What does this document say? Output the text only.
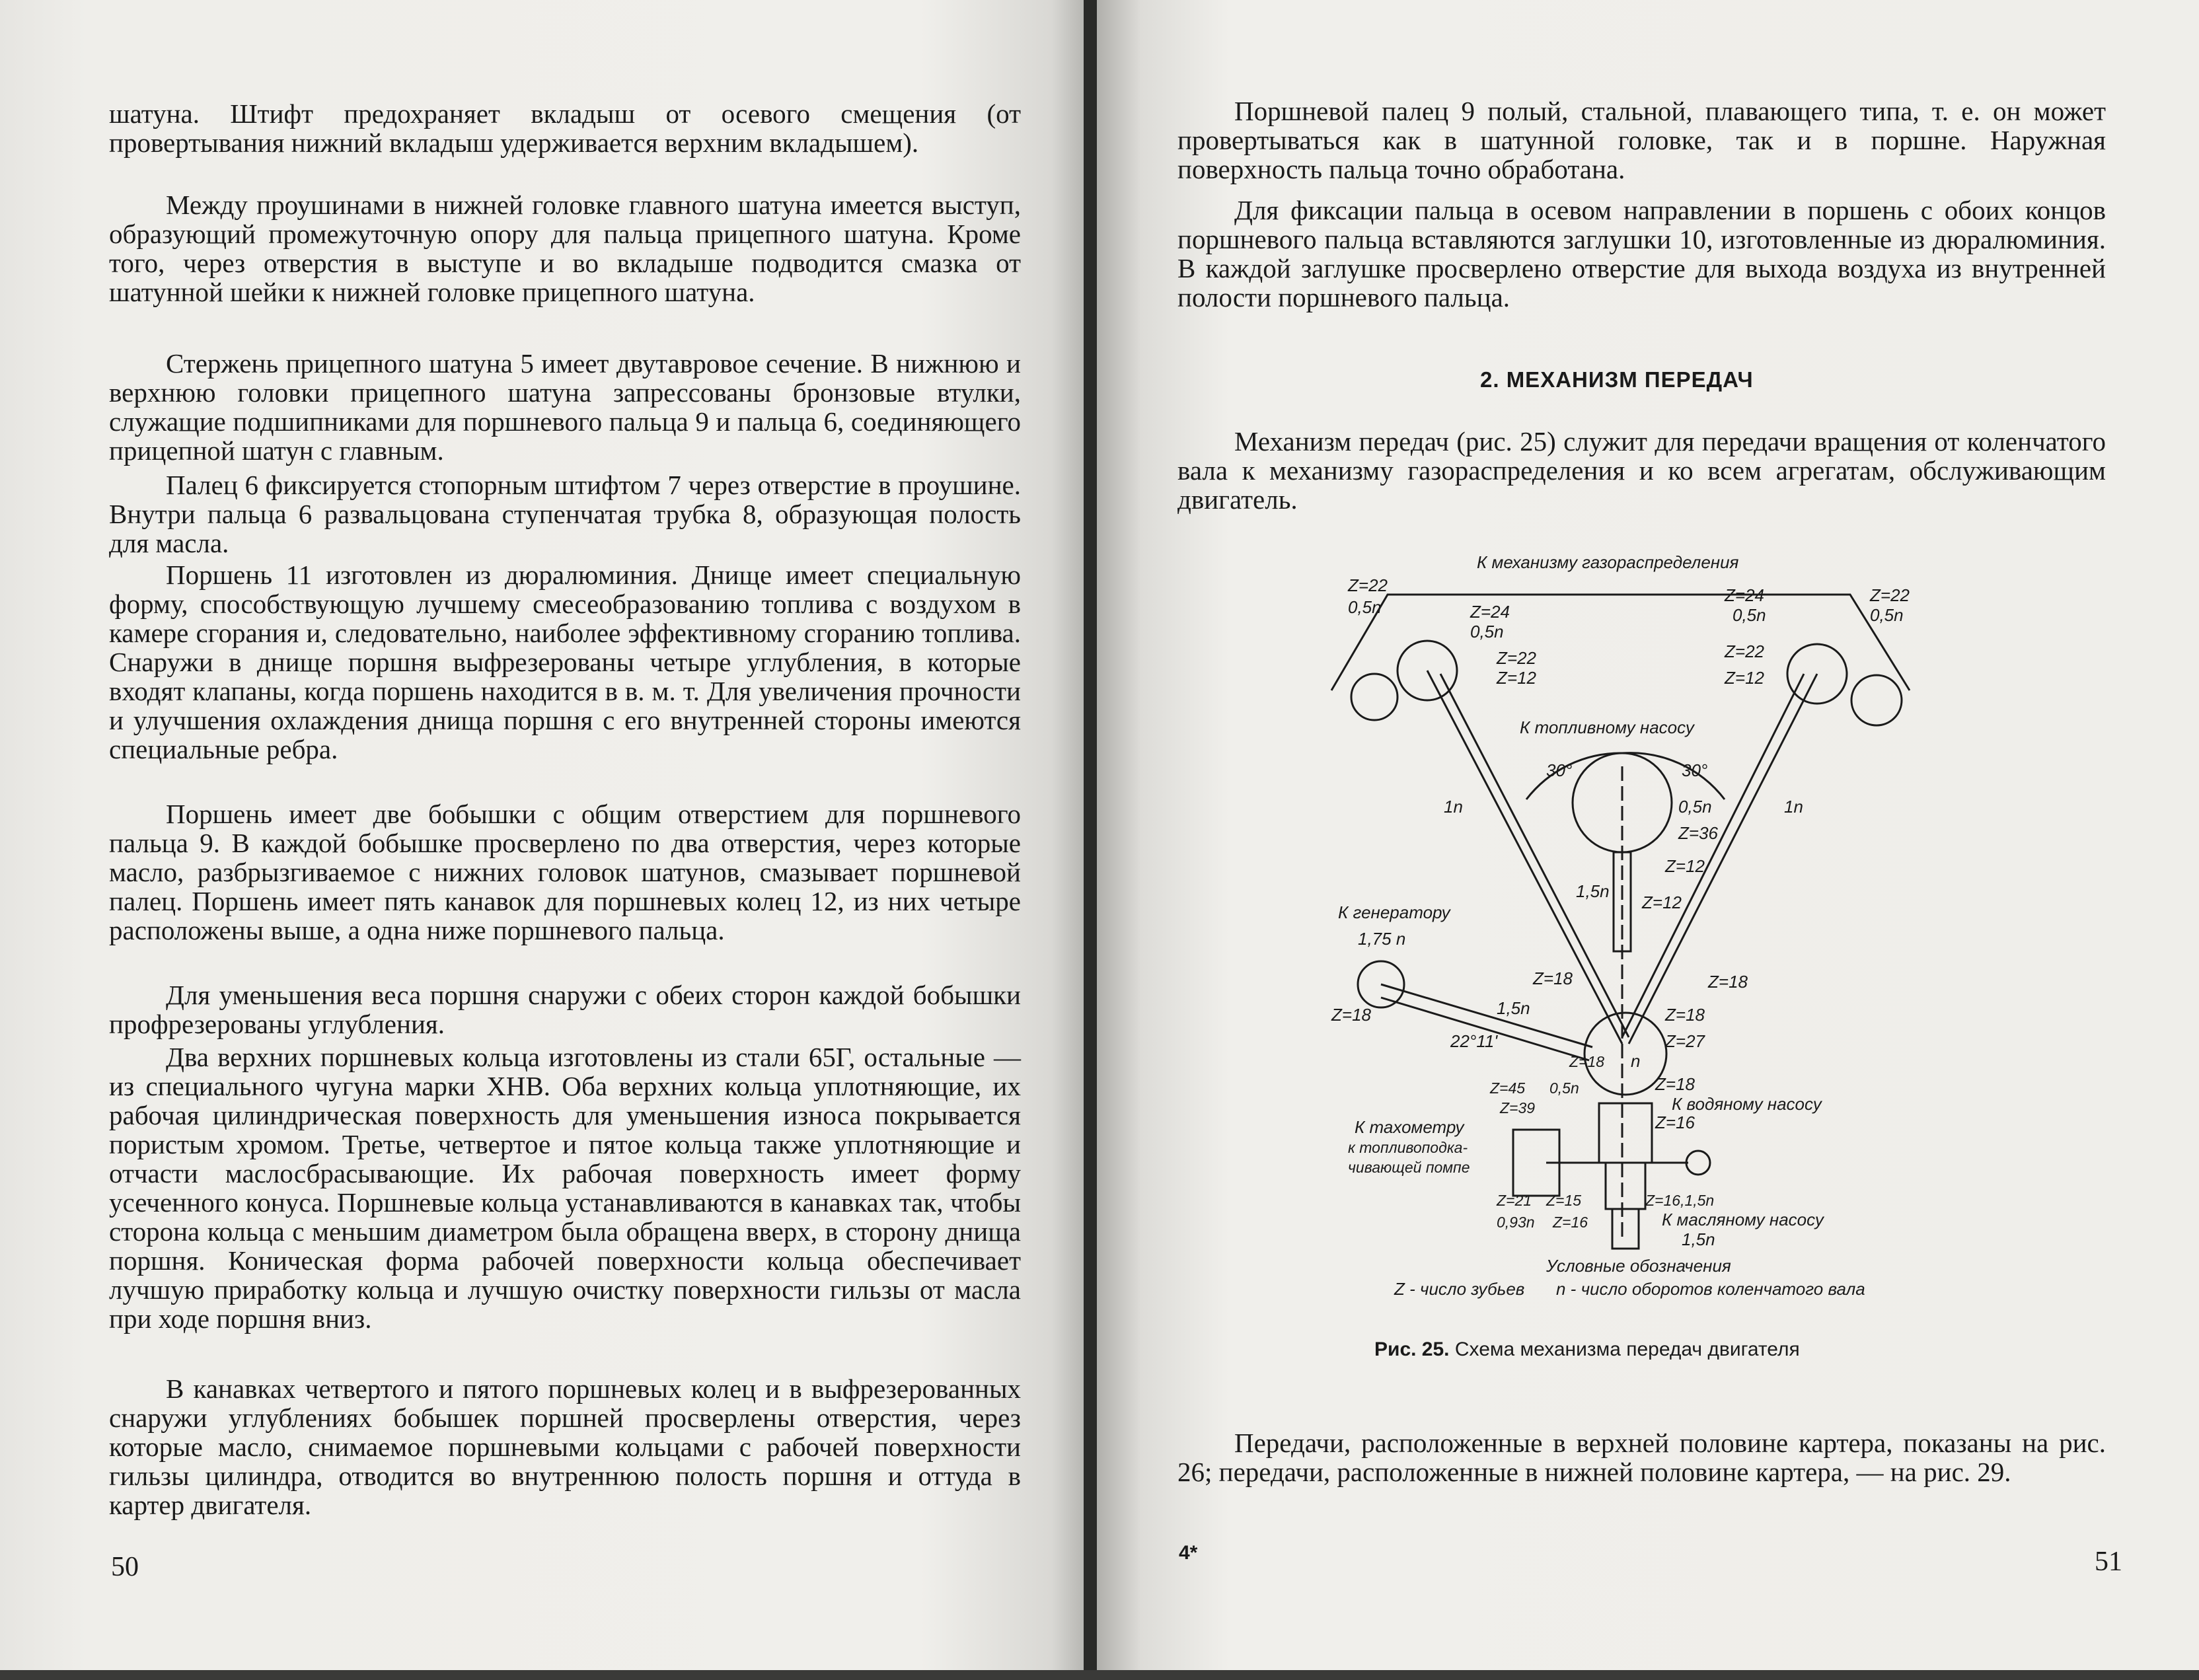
шатуна. Штифт предохраняет вкладыш от осевого смещения (от провертывания нижний вкладыш удерживается верхним вкладышем).

Между проушинами в нижней головке главного шатуна имеется выступ, образующий промежуточную опору для пальца прицепного шатуна. Кроме того, через отверстия в выступе и во вкладыше подводится смазка от шатунной шейки к нижней головке прицепного шатуна.

Стержень прицепного шатуна 5 имеет двутавровое сечение. В нижнюю и верхнюю головки прицепного шатуна запрессованы бронзовые втулки, служащие подшипниками для поршневого пальца 9 и пальца 6, соединяющего прицепной шатун с главным.

Палец 6 фиксируется стопорным штифтом 7 через отверстие в проушине. Внутри пальца 6 развальцована ступенчатая трубка 8, образующая полость для масла.

Поршень 11 изготовлен из дюралюминия. Днище имеет специальную форму, способствующую лучшему смесеобразованию топлива с воздухом в камере сгорания и, следовательно, наиболее эффективному сгоранию топлива. Снаружи в днище поршня выфрезерованы четыре углубления, в которые входят клапаны, когда поршень находится в в. м. т. Для увеличения прочности и улучшения охлаждения днища поршня с его внутренней стороны имеются специальные ребра.

Поршень имеет две бобышки с общим отверстием для поршневого пальца 9. В каждой бобышке просверлено по два отверстия, через которые масло, разбрызгиваемое с нижних головок шатунов, смазывает поршневой палец. Поршень имеет пять канавок для поршневых колец 12, из них четыре расположены выше, а одна ниже поршневого пальца.

Для уменьшения веса поршня снаружи с обеих сторон каждой бобышки профрезерованы углубления.

Два верхних поршневых кольца изготовлены из стали 65Г, остальные — из специального чугуна марки ХНВ. Оба верхних кольца уплотняющие, их рабочая цилиндрическая поверхность для уменьшения износа покрывается пористым хромом. Третье, четвертое и пятое кольца также уплотняющие и отчасти маслосбрасывающие. Их рабочая поверхность имеет форму усеченного конуса. Поршневые кольца устанавливаются в канавках так, чтобы сторона кольца с меньшим диаметром была обращена вверх, в сторону днища поршня. Коническая форма рабочей поверхности кольца обеспечивает лучшую приработку кольца и лучшую очистку поверхности гильзы от масла при ходе поршня вниз.

В канавках четвертого и пятого поршневых колец и в выфрезерованных снаружи углублениях бобышек поршней просверлены отверстия, через которые масло, снимаемое поршневыми кольцами с рабочей поверхности гильзы цилиндра, отводится во внутреннюю полость поршня и оттуда в картер двигателя.

50

Поршневой палец 9 полый, стальной, плавающего типа, т. е. он может провертываться как в шатунной головке, так и в поршне. Наружная поверхность пальца точно обработана.

Для фиксации пальца в осевом направлении в поршень с обоих концов поршневого пальца вставляются заглушки 10, изготовленные из дюралюминия. В каждой заглушке просверлено отверстие для выхода воздуха из внутренней полости поршневого пальца.

2. МЕХАНИЗМ ПЕРЕДАЧ

Механизм передач (рис. 25) служит для передачи вращения от коленчатого вала к механизму газораспределения и ко всем агрегатам, обслуживающим двигатель.

Рис. 25. Схема механизма передач двигателя

Передачи, расположенные в верхней половине картера, показаны на рис. 26; передачи, расположенные в нижней половине картера, — на рис. 29.

4*	51
К механизму газораспределения
К топливному насосу
К генератору
1,75 n
К водяному насосу
К тахометру
к топливоподка-
чивающей помпе
К масляному насосу
1,5n
Условные обозначения
Z - число зубьев n - число оборотов коленчатого вала
30°	30°
22°11'
Z=22
0,5n	Z=24
0,5n
Z=22
Z=12
Z=22
0,5n
Z=24
0,5n
Z=22
Z=12
1n	1n
0,5n
Z=36
Z=12
Z=12
1,5n
Z=18	Z=18
1,5n
Z=18	Z=18
Z=27
Z=18 n
Z=18
Z=16
Z=45 0,5n
Z=39
Z=21 Z=15
0,93n Z=16
Z=16,1,5n
